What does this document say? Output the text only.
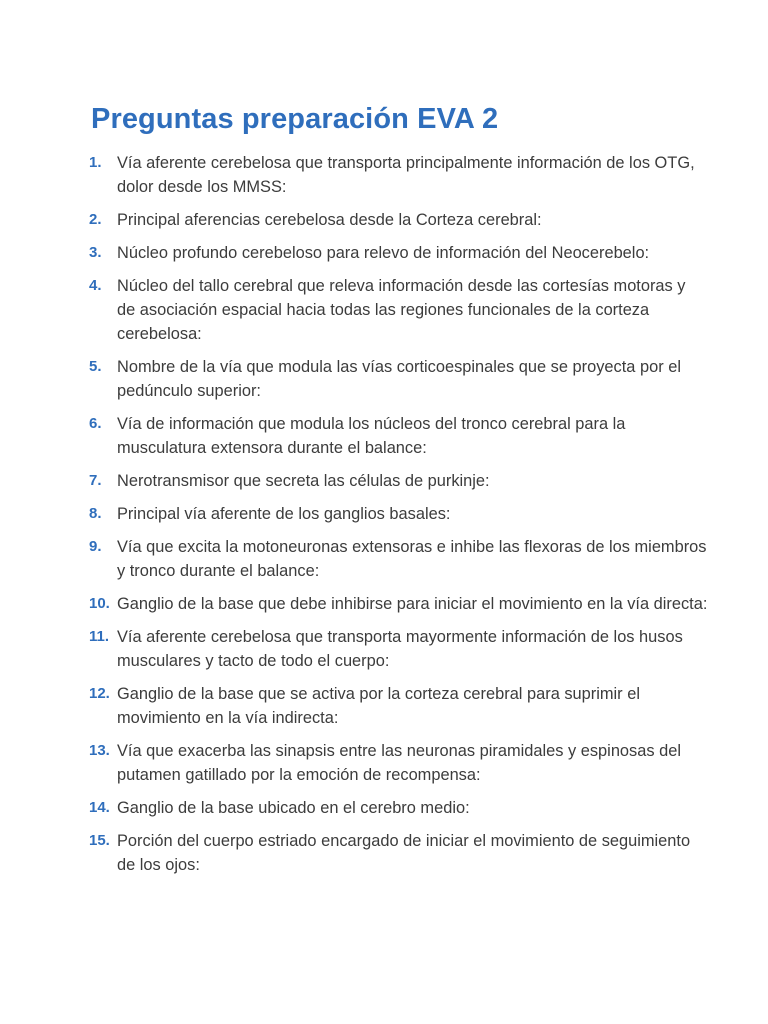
Preguntas preparación EVA 2
1. Vía aferente cerebelosa que transporta principalmente información de los OTG, dolor desde los MMSS:
2. Principal aferencias cerebelosa desde la Corteza cerebral:
3. Núcleo profundo cerebeloso para relevo de información del Neocerebelo:
4. Núcleo del tallo cerebral que releva información desde las cortesías motoras y de asociación espacial hacia todas las regiones funcionales de la corteza cerebelosa:
5. Nombre de la vía que modula las vías corticoespinales que se proyecta por el pedúnculo superior:
6. Vía de información que modula los núcleos del tronco cerebral para la musculatura extensora durante el balance:
7. Nerotransmisor que secreta las células de purkinje:
8. Principal vía aferente de los ganglios basales:
9. Vía que excita la motoneuronas extensoras e inhibe las flexoras de los miembros y tronco durante el balance:
10. Ganglio de la base que debe inhibirse para iniciar el movimiento en la vía directa:
11. Vía aferente cerebelosa que transporta mayormente información de los husos musculares y tacto de todo el cuerpo:
12. Ganglio de la base que se activa por la corteza cerebral para suprimir el movimiento en la vía indirecta:
13. Vía que exacerba las sinapsis entre las neuronas piramidales y espinosas del putamen gatillado por la emoción de recompensa:
14. Ganglio de la base ubicado en el cerebro medio:
15. Porción del cuerpo estriado encargado de iniciar el movimiento de seguimiento de los ojos:
